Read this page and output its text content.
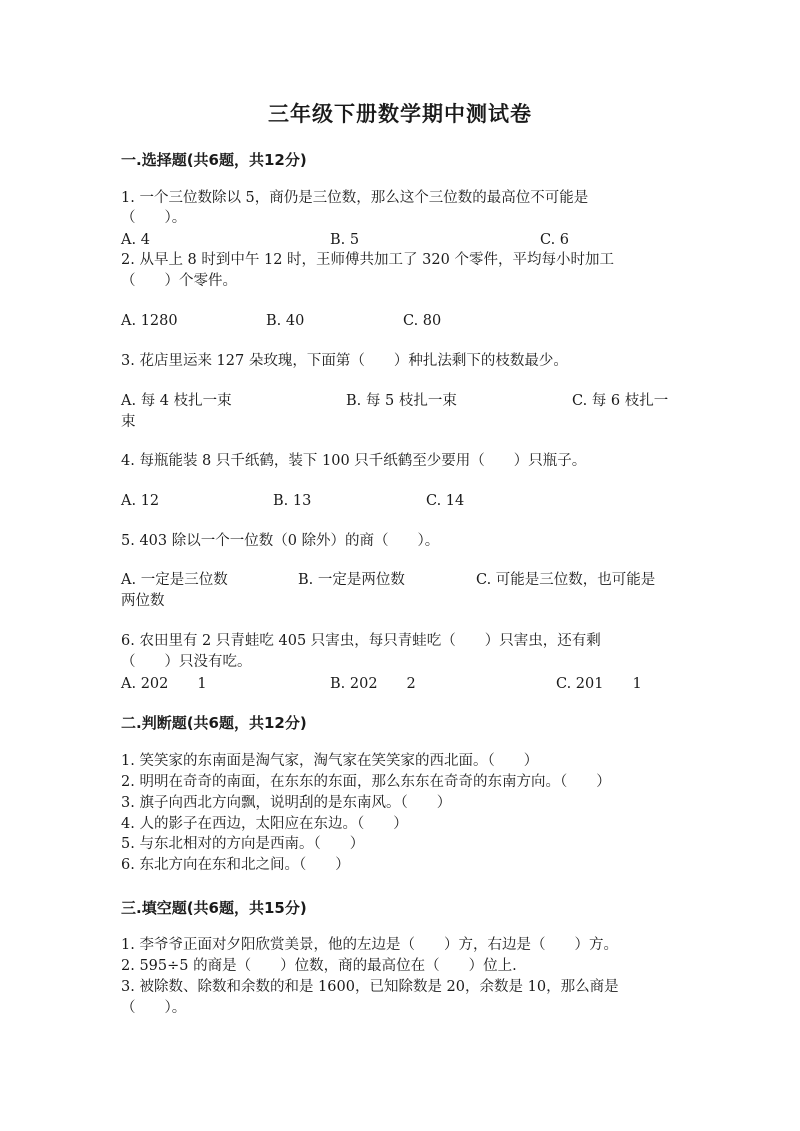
三年级下册数学期中测试卷
一.选择题(共6题，共12分)
1. 一个三位数除以 5，商仍是三位数，那么这个三位数的最高位不可能是
（　　）。
A. 4	B. 5	C. 6
2. 从早上 8 时到中午 12 时，王师傅共加工了 320 个零件，平均每小时加工
（　　）个零件。
A. 1280	B. 40	C. 80
3. 花店里运来 127 朵玫瑰，下面第（　　）种扎法剩下的枝数最少。
A. 每 4 枝扎一束	B. 每 5 枝扎一束	C. 每 6 枝扎一
束
4. 每瓶能装 8 只千纸鹤，装下 100 只千纸鹤至少要用（　　）只瓶子。
A. 12	B. 13	C. 14
5. 403 除以一个一位数（0 除外）的商（　　）。
A. 一定是三位数	B. 一定是两位数	C. 可能是三位数，也可能是
两位数
6. 农田里有 2 只青蛙吃 405 只害虫，每只青蛙吃（　　）只害虫，还有剩
（　　）只没有吃。
A. 202　　1	B. 202　　2	C. 201　　1
二.判断题(共6题，共12分)
1. 笑笑家的东南面是淘气家，淘气家在笑笑家的西北面。（　　）
2. 明明在奇奇的南面，在东东的东面，那么东东在奇奇的东南方向。（　　）
3. 旗子向西北方向飘，说明刮的是东南风。（　　）
4. 人的影子在西边，太阳应在东边。（　　）
5. 与东北相对的方向是西南。（　　）
6. 东北方向在东和北之间。（　　）
三.填空题(共6题，共15分)
1. 李爷爷正面对夕阳欣赏美景，他的左边是（　　）方，右边是（　　）方。
2. 595÷5 的商是（　　）位数，商的最高位在（　　）位上.
3. 被除数、除数和余数的和是 1600，已知除数是 20，余数是 10，那么商是
（　　）。
